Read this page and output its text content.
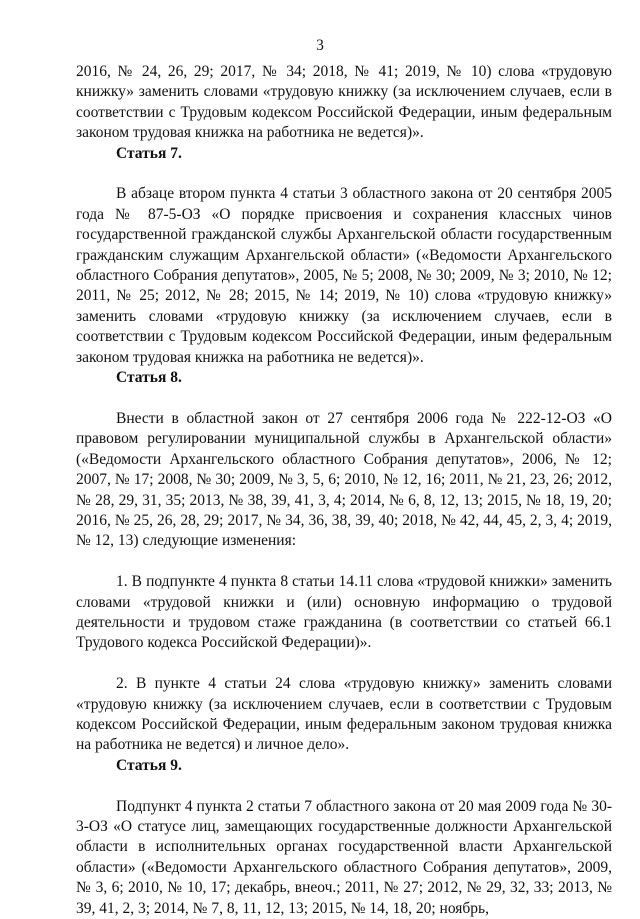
3

2016, № 24, 26, 29; 2017, № 34; 2018, № 41; 2019, № 10) слова «трудовую книжку» заменить словами «трудовую книжку (за исключением случаев, если в соответствии с Трудовым кодексом Российской Федерации, иным федеральным законом трудовая книжка на работника не ведется)».

Статья 7.

В абзаце втором пункта 4 статьи 3 областного закона от 20 сентября 2005 года № 87-5-ОЗ «О порядке присвоения и сохранения классных чинов государственной гражданской службы Архангельской области государственным гражданским служащим Архангельской области» («Ведомости Архангельского областного Собрания депутатов», 2005, № 5; 2008, № 30; 2009, № 3; 2010, № 12; 2011, № 25; 2012, № 28; 2015, № 14; 2019, № 10) слова «трудовую книжку» заменить словами «трудовую книжку (за исключением случаев, если в соответствии с Трудовым кодексом Российской Федерации, иным федеральным законом трудовая книжка на работника не ведется)».

Статья 8.

Внести в областной закон от 27 сентября 2006 года № 222-12-ОЗ «О правовом регулировании муниципальной службы в Архангельской области» («Ведомости Архангельского областного Собрания депутатов», 2006, № 12; 2007, № 17; 2008, № 30; 2009, № 3, 5, 6; 2010, № 12, 16; 2011, № 21, 23, 26; 2012, № 28, 29, 31, 35; 2013, № 38, 39, 41, 3, 4; 2014, № 6, 8, 12, 13; 2015, № 18, 19, 20; 2016, № 25, 26, 28, 29; 2017, № 34, 36, 38, 39, 40; 2018, № 42, 44, 45, 2, 3, 4; 2019, № 12, 13) следующие изменения:

1. В подпункте 4 пункта 8 статьи 14.11 слова «трудовой книжки» заменить словами «трудовой книжки и (или) основную информацию о трудовой деятельности и трудовом стаже гражданина (в соответствии со статьей 66.1 Трудового кодекса Российской Федерации)».

2. В пункте 4 статьи 24 слова «трудовую книжку» заменить словами «трудовую книжку (за исключением случаев, если в соответствии с Трудовым кодексом Российской Федерации, иным федеральным законом трудовая книжка на работника не ведется) и личное дело».

Статья 9.

Подпункт 4 пункта 2 статьи 7 областного закона от 20 мая 2009 года № 30-3-ОЗ «О статусе лиц, замещающих государственные должности Архангельской области в исполнительных органах государственной власти Архангельской области» («Ведомости Архангельского областного Собрания депутатов», 2009, № 3, 6; 2010, № 10, 17; декабрь, внеоч.; 2011, № 27; 2012, № 29, 32, 33; 2013, № 39, 41, 2, 3; 2014, № 7, 8, 11, 12, 13; 2015, № 14, 18, 20; ноябрь,
